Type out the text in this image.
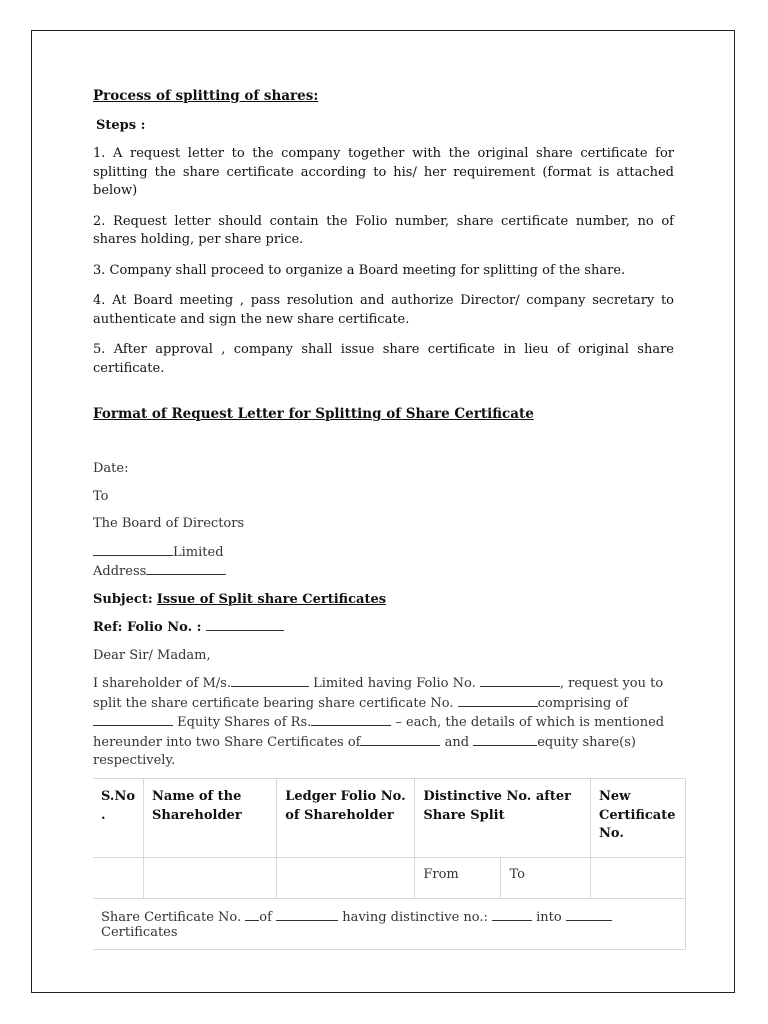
Process of splitting of shares:

Steps :

1. A request letter to the company together with the original share certificate for splitting the share certificate according to his/ her requirement (format is attached below)

2. Request letter should contain the Folio number, share certificate number, no of shares holding, per share price.

3. Company shall proceed to organize a Board meeting for splitting of the share.

4. At Board meeting , pass resolution and authorize Director/ company secretary to authenticate and sign the new share certificate.

5. After approval , company shall issue share certificate in lieu of original share certificate.

Format of Request Letter for Splitting of Share Certificate

Date:

To

The Board of Directors

Limited

Address

Subject: Issue of Split share Certificates

Ref: Folio No. :

Dear Sir/ Madam,

I shareholder of M/s.	Limited having Folio No.	, request you to split the share certificate bearing share certificate No.	comprising of Equity Shares of Rs.	– each, the details of which is mentioned hereunder into two Share Certificates of	and	equity share(s) respectively.

S.No .	Name of the Shareholder	Ledger Folio No. of Shareholder	Distinctive No. after Share Split		New Certificate No.
			From	To	
Share Certificate No. of having distinctive no.: into Certificates					
